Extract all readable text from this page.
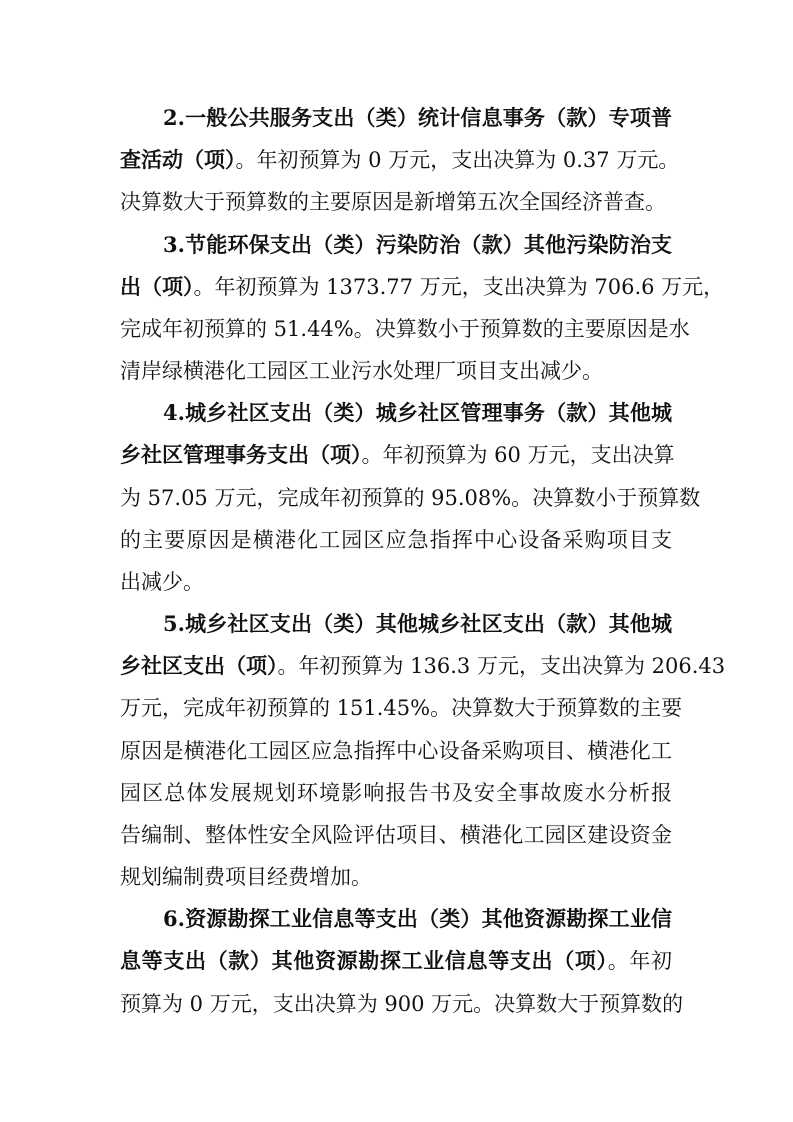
2.一般公共服务支出（类）统计信息事务（款）专项普
查活动（项）。年初预算为 0 万元，支出决算为 0.37 万元。
决算数大于预算数的主要原因是新增第五次全国经济普查。
3.节能环保支出（类）污染防治（款）其他污染防治支
出（项）。年初预算为 1373.77 万元，支出决算为 706.6 万元，
完成年初预算的 51.44%。决算数小于预算数的主要原因是水
清岸绿横港化工园区工业污水处理厂项目支出减少。
4.城乡社区支出（类）城乡社区管理事务（款）其他城
乡社区管理事务支出（项）。年初预算为 60 万元，支出决算
为 57.05 万元，完成年初预算的 95.08%。决算数小于预算数
的主要原因是横港化工园区应急指挥中心设备采购项目支
出减少。
5.城乡社区支出（类）其他城乡社区支出（款）其他城
乡社区支出（项）。年初预算为 136.3 万元，支出决算为 206.43
万元，完成年初预算的 151.45%。决算数大于预算数的主要
原因是横港化工园区应急指挥中心设备采购项目、横港化工
园区总体发展规划环境影响报告书及安全事故废水分析报
告编制、整体性安全风险评估项目、横港化工园区建设资金
规划编制费项目经费增加。
6.资源勘探工业信息等支出（类）其他资源勘探工业信
息等支出（款）其他资源勘探工业信息等支出（项）。年初
预算为 0 万元，支出决算为 900 万元。决算数大于预算数的
